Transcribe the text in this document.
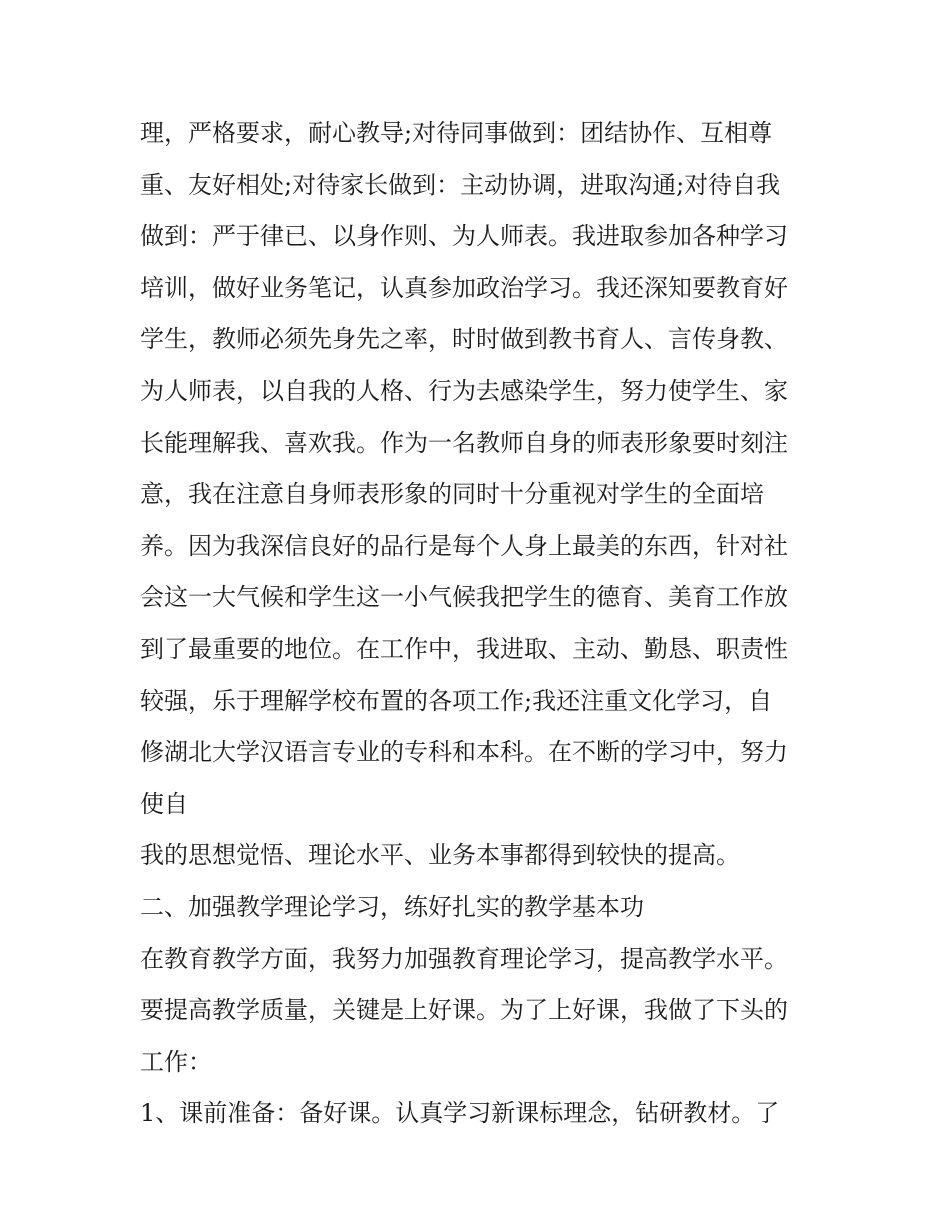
理，严格要求，耐心教导;对待同事做到：团结协作、互相尊
重、友好相处;对待家长做到：主动协调，进取沟通;对待自我
做到：严于律已、以身作则、为人师表。我进取参加各种学习
培训，做好业务笔记，认真参加政治学习。我还深知要教育好
学生，教师必须先身先之率，时时做到教书育人、言传身教、
为人师表，以自我的人格、行为去感染学生，努力使学生、家
长能理解我、喜欢我。作为一名教师自身的师表形象要时刻注
意，我在注意自身师表形象的同时十分重视对学生的全面培
养。因为我深信良好的品行是每个人身上最美的东西，针对社
会这一大气候和学生这一小气候我把学生的德育、美育工作放
到了最重要的地位。在工作中，我进取、主动、勤恳、职责性
较强，乐于理解学校布置的各项工作;我还注重文化学习，自
修湖北大学汉语言专业的专科和本科。在不断的学习中，努力
使自
我的思想觉悟、理论水平、业务本事都得到较快的提高。
二、加强教学理论学习，练好扎实的教学基本功
在教育教学方面，我努力加强教育理论学习，提高教学水平。
要提高教学质量，关键是上好课。为了上好课，我做了下头的
工作：
1、课前准备：备好课。认真学习新课标理念，钻研教材。了
